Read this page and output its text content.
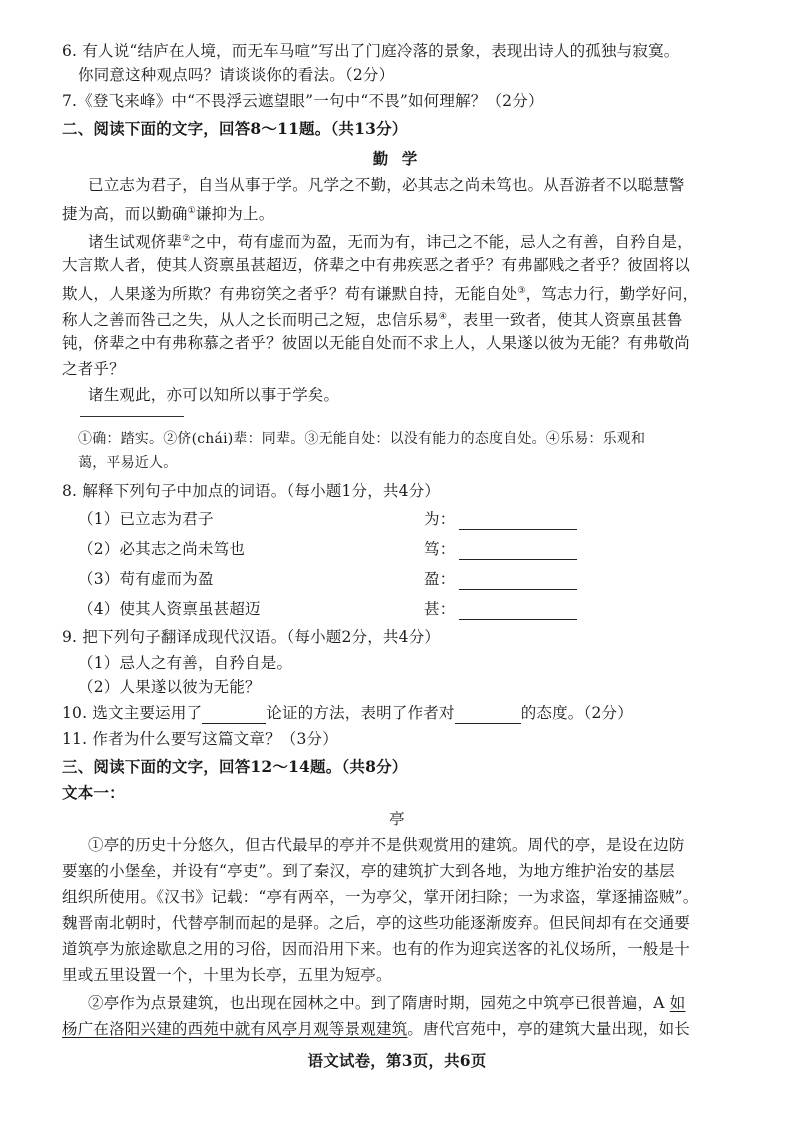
6. 有人说“结庐在人境，而无车马喧”写出了门庭冷落的景象，表现出诗人的孤独与寂寞。
你同意这种观点吗？请谈谈你的看法。（2分）
7.《登飞来峰》中“不畏浮云遮望眼”一句中“不畏”如何理解？（2分）
二、阅读下面的文字，回答8～11题。（共13分）
勤 学
已立志为君子，自当从事于学。凡学之不勤，必其志之尚未笃也。从吾游者不以聪慧警
捷为高，而以勤确①谦抑为上。
诸生试观侪辈②之中，苟有虚而为盈，无而为有，讳己之不能，忌人之有善，自矜自是，
大言欺人者，使其人资禀虽甚超迈，侪辈之中有弗疾恶之者乎？有弗鄙贱之者乎？彼固将以
欺人，人果遂为所欺？有弗窃笑之者乎？苟有谦默自持，无能自处③，笃志力行，勤学好问，
称人之善而咎己之失，从人之长而明己之短，忠信乐易④，表里一致者，使其人资禀虽甚鲁
钝，侪辈之中有弗称慕之者乎？彼固以无能自处而不求上人，人果遂以彼为无能？有弗敬尚
之者乎？
诸生观此，亦可以知所以事于学矣。
①确：踏实。②侪(chái)辈：同辈。③无能自处：以没有能力的态度自处。④乐易：乐观和
蔼，平易近人。
8. 解释下列句子中加点的词语。（每小题1分，共4分）
（1）已立志为君子	为：
（2）必其志之尚未笃也	笃：
（3）苟有虚而为盈	盈：
（4）使其人资禀虽甚超迈	甚：
9. 把下列句子翻译成现代汉语。（每小题2分，共4分）
（1）忌人之有善，自矜自是。
（2）人果遂以彼为无能？
10. 选文主要运用了	论证的方法，表明了作者对	的态度。（2分）
11. 作者为什么要写这篇文章？（3分）
三、阅读下面的文字，回答12～14题。（共8分）
文本一：
亭
①亭的历史十分悠久，但古代最早的亭并不是供观赏用的建筑。周代的亭，是设在边防
要塞的小堡垒，并设有“亭吏”。到了秦汉，亭的建筑扩大到各地，为地方维护治安的基层
组织所使用。《汉书》记载：“亭有两卒，一为亭父，掌开闭扫除；一为求盗，掌逐捕盗贼”。
魏晋南北朝时，代替亭制而起的是驿。之后，亭的这些功能逐渐废弃。但民间却有在交通要
道筑亭为旅途歇息之用的习俗，因而沿用下来。也有的作为迎宾送客的礼仪场所，一般是十
里或五里设置一个，十里为长亭，五里为短亭。
②亭作为点景建筑，也出现在园林之中。到了隋唐时期，园苑之中筑亭已很普遍，A 如
杨广在洛阳兴建的西苑中就有风亭月观等景观建筑。唐代宫苑中，亭的建筑大量出现，如长
语文试卷，第3页，共6页
